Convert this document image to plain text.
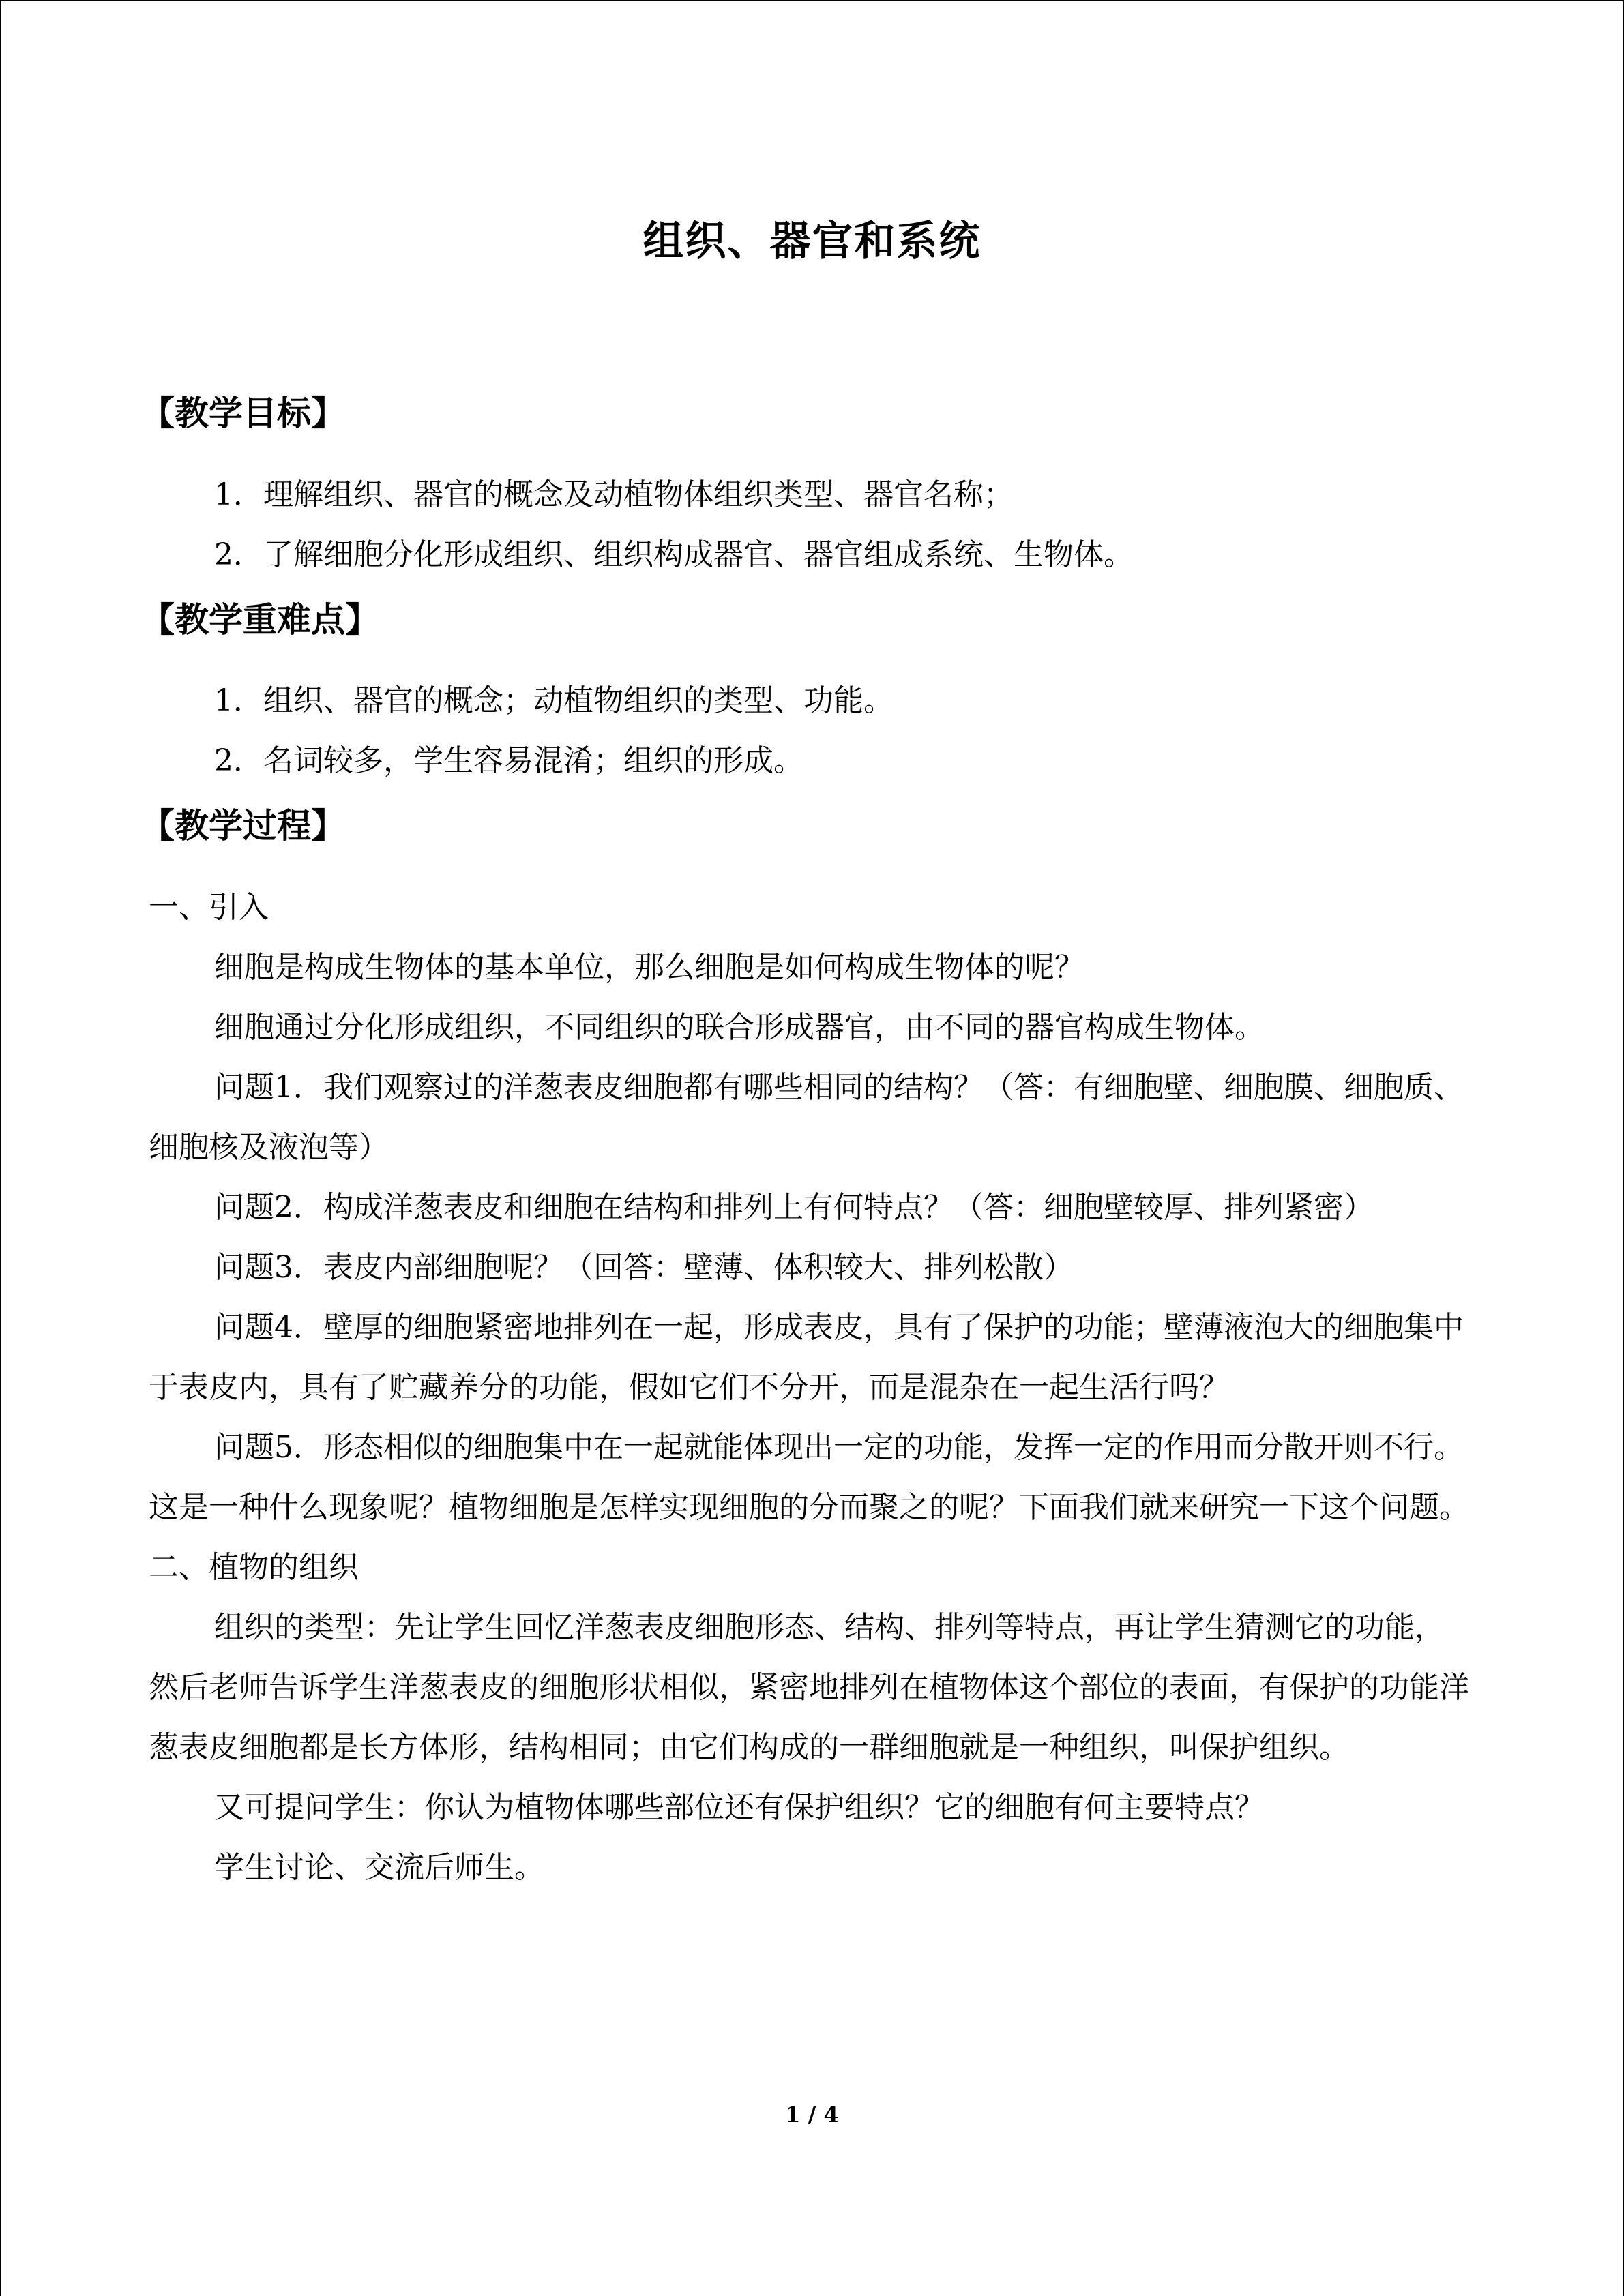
组织、器官和系统
【教学目标】

1．理解组织、器官的概念及动植物体组织类型、器官名称；

2．了解细胞分化形成组织、组织构成器官、器官组成系统、生物体。

【教学重难点】

1．组织、器官的概念；动植物组织的类型、功能。

2．名词较多，学生容易混淆；组织的形成。

【教学过程】

一、引入

细胞是构成生物体的基本单位，那么细胞是如何构成生物体的呢？

细胞通过分化形成组织，不同组织的联合形成器官，由不同的器官构成生物体。

问题1．我们观察过的洋葱表皮细胞都有哪些相同的结构？（答：有细胞壁、细胞膜、细胞质、细胞核及液泡等）

问题2．构成洋葱表皮和细胞在结构和排列上有何特点？（答：细胞壁较厚、排列紧密）

问题3．表皮内部细胞呢？（回答：壁薄、体积较大、排列松散）

问题4．壁厚的细胞紧密地排列在一起，形成表皮，具有了保护的功能；壁薄液泡大的细胞集中于表皮内，具有了贮藏养分的功能，假如它们不分开，而是混杂在一起生活行吗？

问题5．形态相似的细胞集中在一起就能体现出一定的功能，发挥一定的作用而分散开则不行。这是一种什么现象呢？植物细胞是怎样实现细胞的分而聚之的呢？下面我们就来研究一下这个问题。

二、植物的组织

组织的类型：先让学生回忆洋葱表皮细胞形态、结构、排列等特点，再让学生猜测它的功能，然后老师告诉学生洋葱表皮的细胞形状相似，紧密地排列在植物体这个部位的表面，有保护的功能洋葱表皮细胞都是长方体形，结构相同；由它们构成的一群细胞就是一种组织，叫保护组织。

又可提问学生：你认为植物体哪些部位还有保护组织？它的细胞有何主要特点？

学生讨论、交流后师生。

1 / 4
